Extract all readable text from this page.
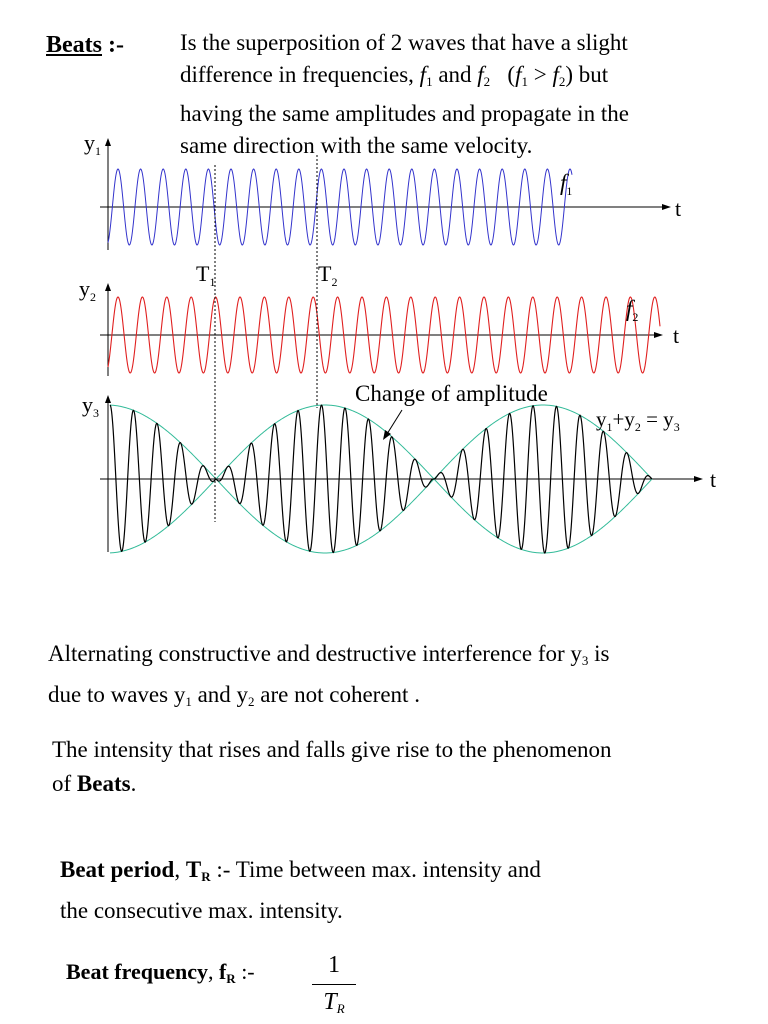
Beats :- Is the superposition of 2 waves that have a slight
difference in frequencies, $f_1$ and $f_2$   $(f_1 > f_2)$ but
having the same amplitudes and propagate in the
same direction with the same velocity.
$y_1$
$f_1$
t
$T_1$	$T_2$
$y_2$	$f_2$
t
Change of amplitude
$y_3$	$y_1+y_2 = y_3$
t
Alternating constructive and destructive interference for $y_3$ is
due to waves $y_1$ and $y_2$ are not coherent .
The intensity that rises and falls give rise to the phenomenon
of Beats.
Beat period, $T_R$ :- Time between max. intensity and
the consecutive max. intensity.
Beat frequency, $f_R$ :-	1
$T_R$
